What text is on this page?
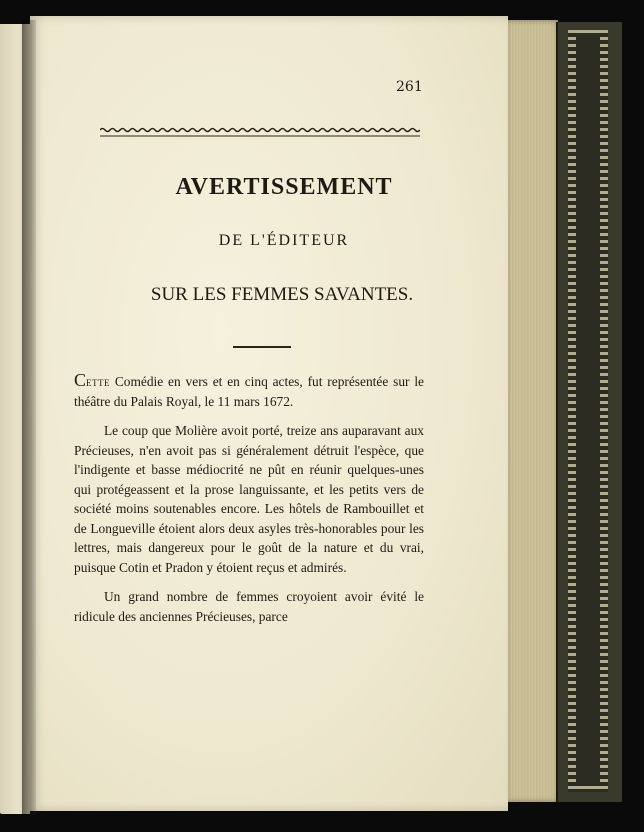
261
AVERTISSEMENT
DE L'ÉDITEUR
SUR LES FEMMES SAVANTES.

Cette Comédie en vers et en cinq actes, fut représentée sur le théâtre du Palais Royal, le 11 mars 1672.

Le coup que Molière avoit porté, treize ans auparavant aux Précieuses, n'en avoit pas si généralement détruit l'espèce, que l'indigente et basse médiocrité ne pût en réunir quelques-unes qui protégeassent et la prose languissante, et les petits vers de société moins soutenables encore. Les hôtels de Rambouillet et de Longueville étoient alors deux asyles très-honorables pour les lettres, mais dangereux pour le goût de la nature et du vrai, puisque Cotin et Pradon y étoient reçus et admirés.

Un grand nombre de femmes croyoient avoir évité le ridicule des anciennes Précieuses, parce
